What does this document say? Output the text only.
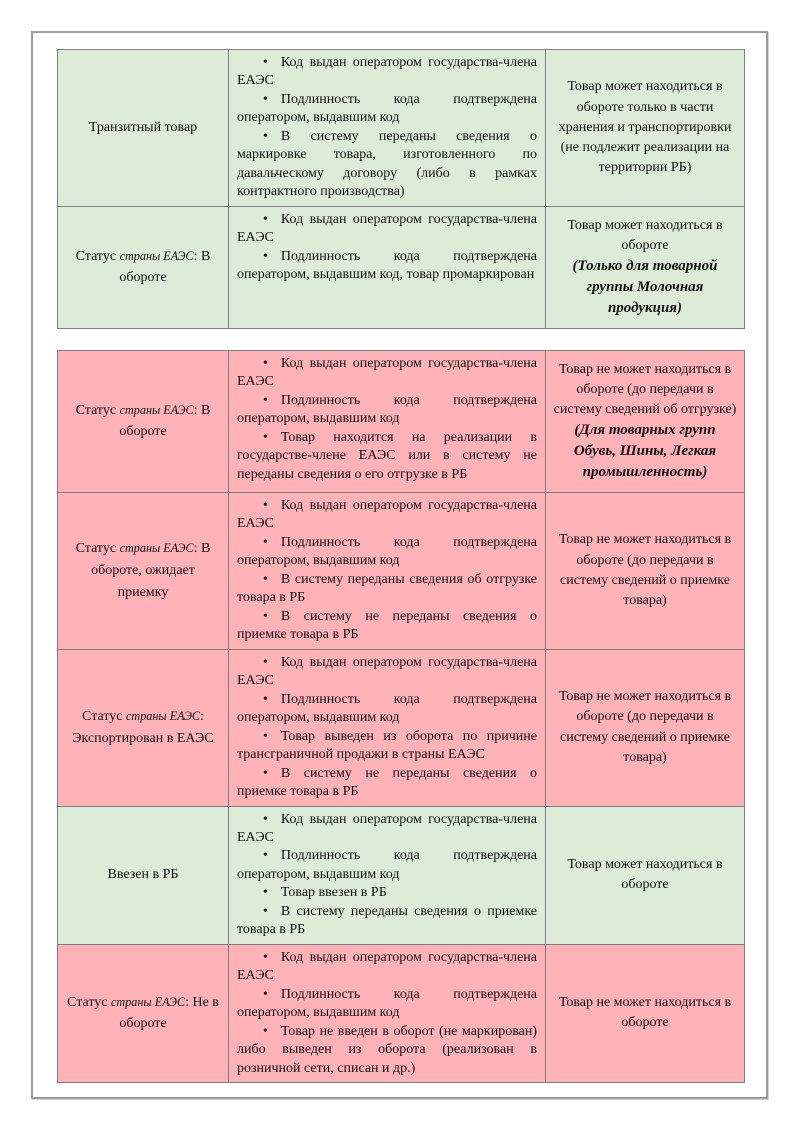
Транзитный товар
• Код выдан оператором государства-члена ЕАЭС
• Подлинность кода подтверждена оператором, выдавшим код
• В систему переданы сведения о маркировке товара, изготовленного по давальческому договору (либо в рамках контрактного производства)
Товар может находиться в обороте только в части хранения и транспортировки (не подлежит реализации на территории РБ)
Статус страны ЕАЭС: В обороте
• Код выдан оператором государства-члена ЕАЭС
• Подлинность кода подтверждена оператором, выдавшим код, товар промаркирован
Товар может находиться в обороте
(Только для товарной группы Молочная продукция)
Статус страны ЕАЭС: В обороте
• Код выдан оператором государства-члена ЕАЭС
• Подлинность кода подтверждена оператором, выдавшим код
• Товар находится на реализации в государстве-члене ЕАЭС или в систему не переданы сведения о его отгрузке в РБ
Товар не может находиться в обороте (до передачи в систему сведений об отгрузке)
(Для товарных групп Обувь, Шины, Легкая промышленность)
Статус страны ЕАЭС: В обороте, ожидает приемку
• Код выдан оператором государства-члена ЕАЭС
• Подлинность кода подтверждена оператором, выдавшим код
• В систему переданы сведения об отгрузке товара в РБ
• В систему не переданы сведения о приемке товара в РБ
Товар не может находиться в обороте (до передачи в систему сведений о приемке товара)
Статус страны ЕАЭС: Экспортирован в ЕАЭС
• Код выдан оператором государства-члена ЕАЭС
• Подлинность кода подтверждена оператором, выдавшим код
• Товар выведен из оборота по причине трансграничной продажи в страны ЕАЭС
• В систему не переданы сведения о приемке товара в РБ
Товар не может находиться в обороте (до передачи в систему сведений о приемке товара)
Ввезен в РБ
• Код выдан оператором государства-члена ЕАЭС
• Подлинность кода подтверждена оператором, выдавшим код
• Товар ввезен в РБ
• В систему переданы сведения о приемке товара в РБ
Товар может находиться в обороте
Статус страны ЕАЭС: Не в обороте
• Код выдан оператором государства-члена ЕАЭС
• Подлинность кода подтверждена оператором, выдавшим код
• Товар не введен в оборот (не маркирован) либо выведен из оборота (реализован в розничной сети, списан и др.)
Товар не может находиться в обороте
